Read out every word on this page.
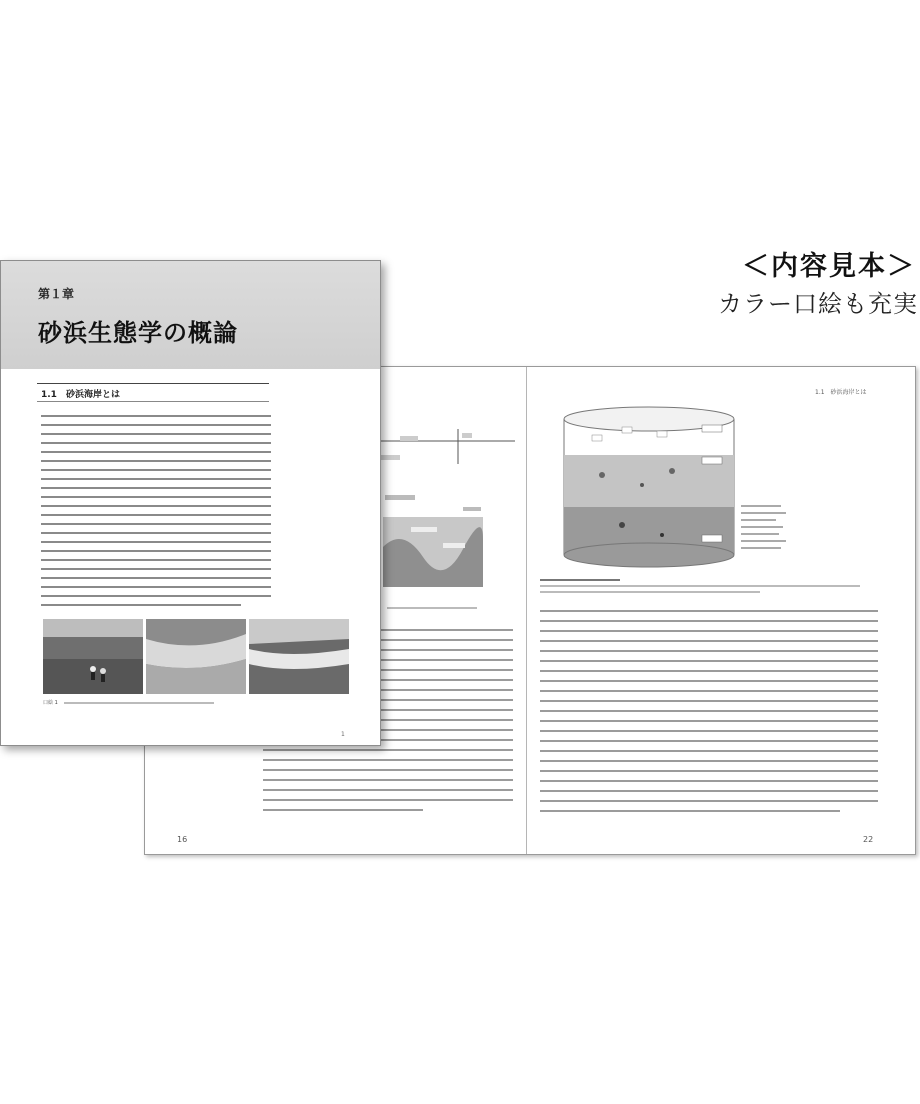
＜内容見本＞
カラー口絵も充実
16
1.1　砂浜海岸とは
22
第１章
砂浜生態学の概論
1.1　砂浜海岸とは
口絵 1
1
